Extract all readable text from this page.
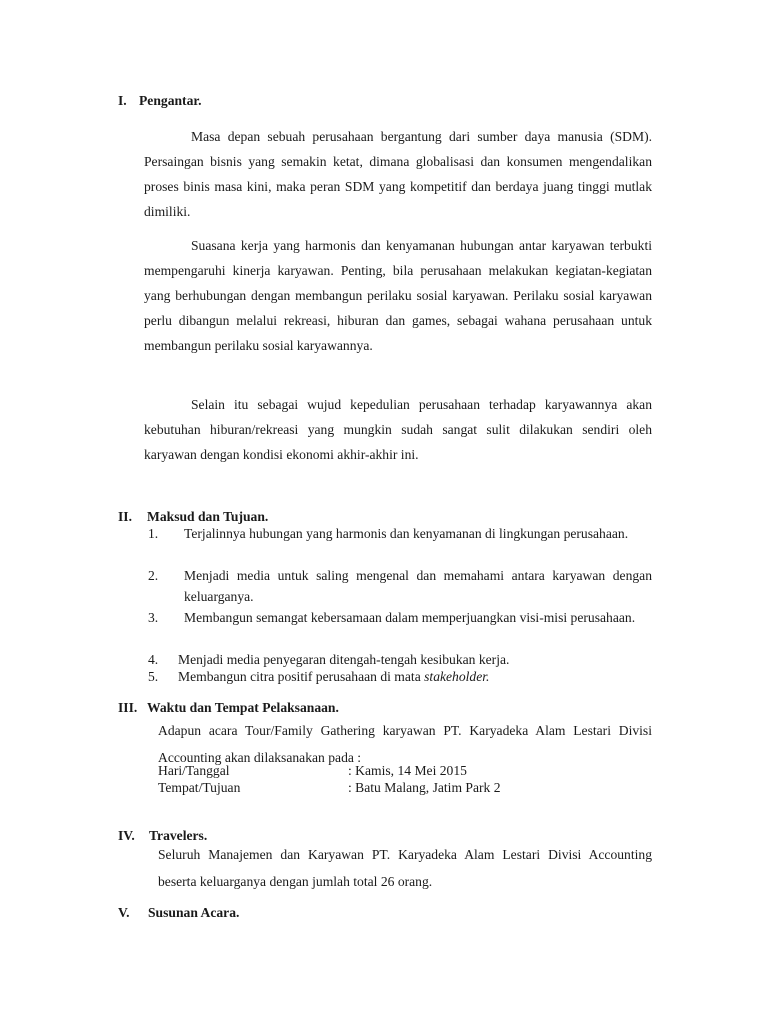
I. Pengantar.

Masa depan sebuah perusahaan bergantung dari sumber daya manusia (SDM). Persaingan bisnis yang semakin ketat, dimana globalisasi dan konsumen mengendalikan proses binis masa kini, maka peran SDM yang kompetitif dan berdaya juang tinggi mutlak dimiliki.

Suasana kerja yang harmonis dan kenyamanan hubungan antar karyawan terbukti mempengaruhi kinerja karyawan. Penting, bila perusahaan melakukan kegiatan-kegiatan yang berhubungan dengan membangun perilaku sosial karyawan. Perilaku sosial karyawan perlu dibangun melalui rekreasi, hiburan dan games, sebagai wahana perusahaan untuk membangun perilaku sosial karyawannya.

Selain itu sebagai wujud kepedulian perusahaan terhadap karyawannya akan kebutuhan hiburan/rekreasi yang mungkin sudah sangat sulit dilakukan sendiri oleh karyawan dengan kondisi ekonomi akhir-akhir ini.

II. Maksud dan Tujuan.
1.	Terjalinnya hubungan yang harmonis dan kenyamanan di lingkungan perusahaan.
2.	Menjadi media untuk saling mengenal dan memahami antara karyawan dengan keluarganya.
3.	Membangun semangat kebersamaan dalam memperjuangkan visi-misi perusahaan.
4.	Menjadi media penyegaran ditengah-tengah kesibukan kerja.
5.	Membangun citra positif perusahaan di mata stakeholder.
III. Waktu dan Tempat Pelaksanaan.
Adapun acara Tour/Family Gathering karyawan PT. Karyadeka Alam Lestari Divisi Accounting akan dilaksanakan pada :
Hari/Tanggal	: Kamis, 14 Mei 2015
Tempat/Tujuan	: Batu Malang, Jatim Park 2
IV. Travelers.
Seluruh Manajemen dan Karyawan PT. Karyadeka Alam Lestari Divisi Accounting beserta keluarganya dengan jumlah total 26 orang.
V. Susunan Acara.
